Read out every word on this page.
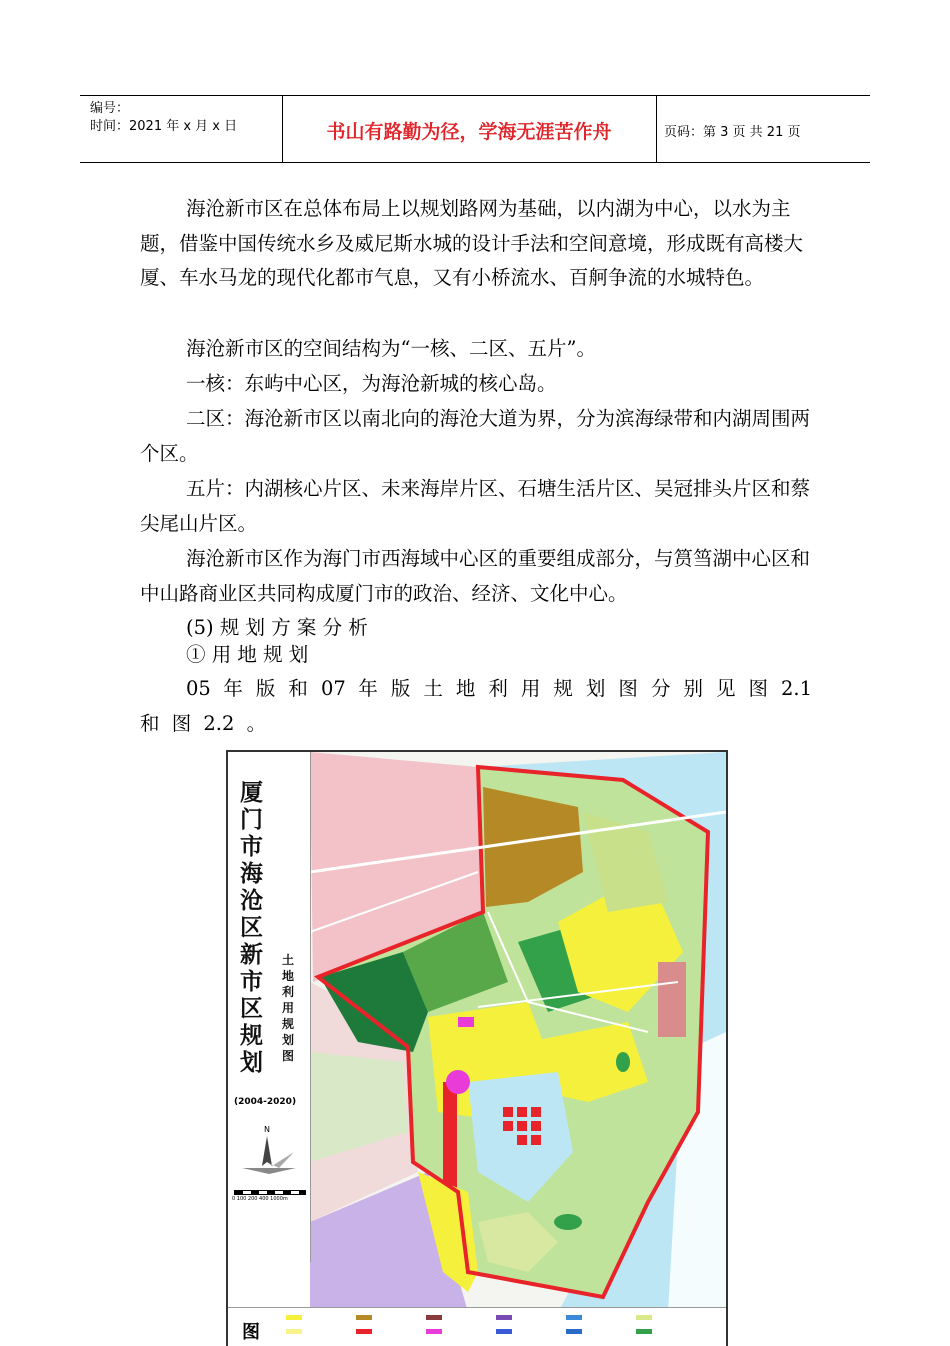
编号：
时间：2021 年 x 月 x 日	书山有路勤为径，学海无涯苦作舟	页码：第 3 页 共 21 页

海沧新市区在总体布局上以规划路网为基础，以内湖为中心，以水为主题，借鉴中国传统水乡及威尼斯水城的设计手法和空间意境，形成既有高楼大厦、车水马龙的现代化都市气息，又有小桥流水、百舸争流的水城特色。

海沧新市区的空间结构为“一核、二区、五片”。

一核：东屿中心区，为海沧新城的核心岛。

二区：海沧新市区以南北向的海沧大道为界，分为滨海绿带和内湖周围两个区。

五片：内湖核心片区、未来海岸片区、石塘生活片区、吴冠排头片区和蔡尖尾山片区。

海沧新市区作为海门市西海域中心区的重要组成部分，与筼筜湖中心区和中山路商业区共同构成厦门市的政治、经济、文化中心。

(5) 规 划 方 案 分 析

① 用 地 规 划

05 年 版 和 07 年 版 土 地 利 用 规 划 图 分 别 见 图 2.1 和 图 2.2 。

厦门市海沧区新市区规划
土地利用规划图
(2004-2020)
N
0 100 200 400 1000m
图
